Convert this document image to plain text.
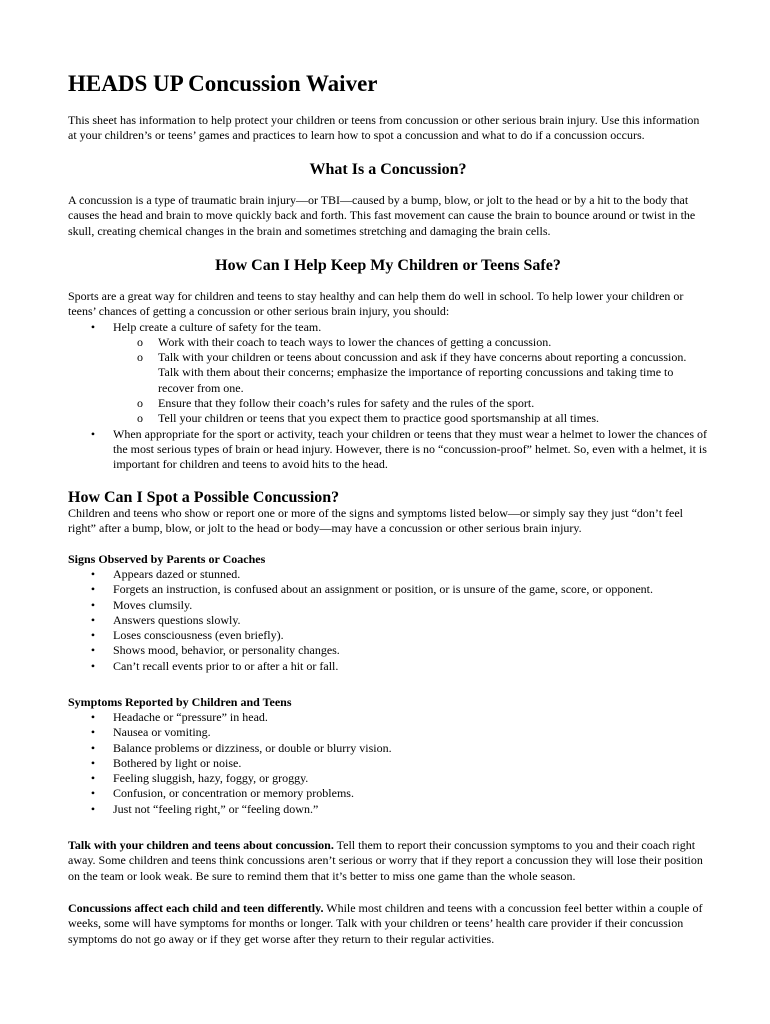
HEADS UP Concussion Waiver

This sheet has information to help protect your children or teens from concussion or other serious brain injury. Use this information at your children’s or teens’ games and practices to learn how to spot a concussion and what to do if a concussion occurs.

What Is a Concussion?

A concussion is a type of traumatic brain injury—or TBI—caused by a bump, blow, or jolt to the head or by a hit to the body that causes the head and brain to move quickly back and forth. This fast movement can cause the brain to bounce around or twist in the skull, creating chemical changes in the brain and sometimes stretching and damaging the brain cells.

How Can I Help Keep My Children or Teens Safe?

Sports are a great way for children and teens to stay healthy and can help them do well in school. To help lower your children or teens’ chances of getting a concussion or other serious brain injury, you should:

• Help create a culture of safety for the team.
o Work with their coach to teach ways to lower the chances of getting a concussion.
o Talk with your children or teens about concussion and ask if they have concerns about reporting a concussion. Talk with them about their concerns; emphasize the importance of reporting concussions and taking time to recover from one.
o Ensure that they follow their coach’s rules for safety and the rules of the sport.
o Tell your children or teens that you expect them to practice good sportsmanship at all times.
• When appropriate for the sport or activity, teach your children or teens that they must wear a helmet to lower the chances of the most serious types of brain or head injury. However, there is no “concussion-proof” helmet. So, even with a helmet, it is important for children and teens to avoid hits to the head.
How Can I Spot a Possible Concussion?

Children and teens who show or report one or more of the signs and symptoms listed below—or simply say they just “don’t feel right” after a bump, blow, or jolt to the head or body—may have a concussion or other serious brain injury.

Signs Observed by Parents or Coaches

• Appears dazed or stunned.
• Forgets an instruction, is confused about an assignment or position, or is unsure of the game, score, or opponent.
• Moves clumsily.
• Answers questions slowly.
• Loses consciousness (even briefly).
• Shows mood, behavior, or personality changes.
• Can’t recall events prior to or after a hit or fall.

Symptoms Reported by Children and Teens

• Headache or “pressure” in head.
• Nausea or vomiting.
• Balance problems or dizziness, or double or blurry vision.
• Bothered by light or noise.
• Feeling sluggish, hazy, foggy, or groggy.
• Confusion, or concentration or memory problems.
• Just not “feeling right,” or “feeling down.”

Talk with your children and teens about concussion. Tell them to report their concussion symptoms to you and their coach right away. Some children and teens think concussions aren’t serious or worry that if they report a concussion they will lose their position on the team or look weak. Be sure to remind them that it’s better to miss one game than the whole season.

Concussions affect each child and teen differently. While most children and teens with a concussion feel better within a couple of weeks, some will have symptoms for months or longer. Talk with your children or teens’ health care provider if their concussion symptoms do not go away or if they get worse after they return to their regular activities.
